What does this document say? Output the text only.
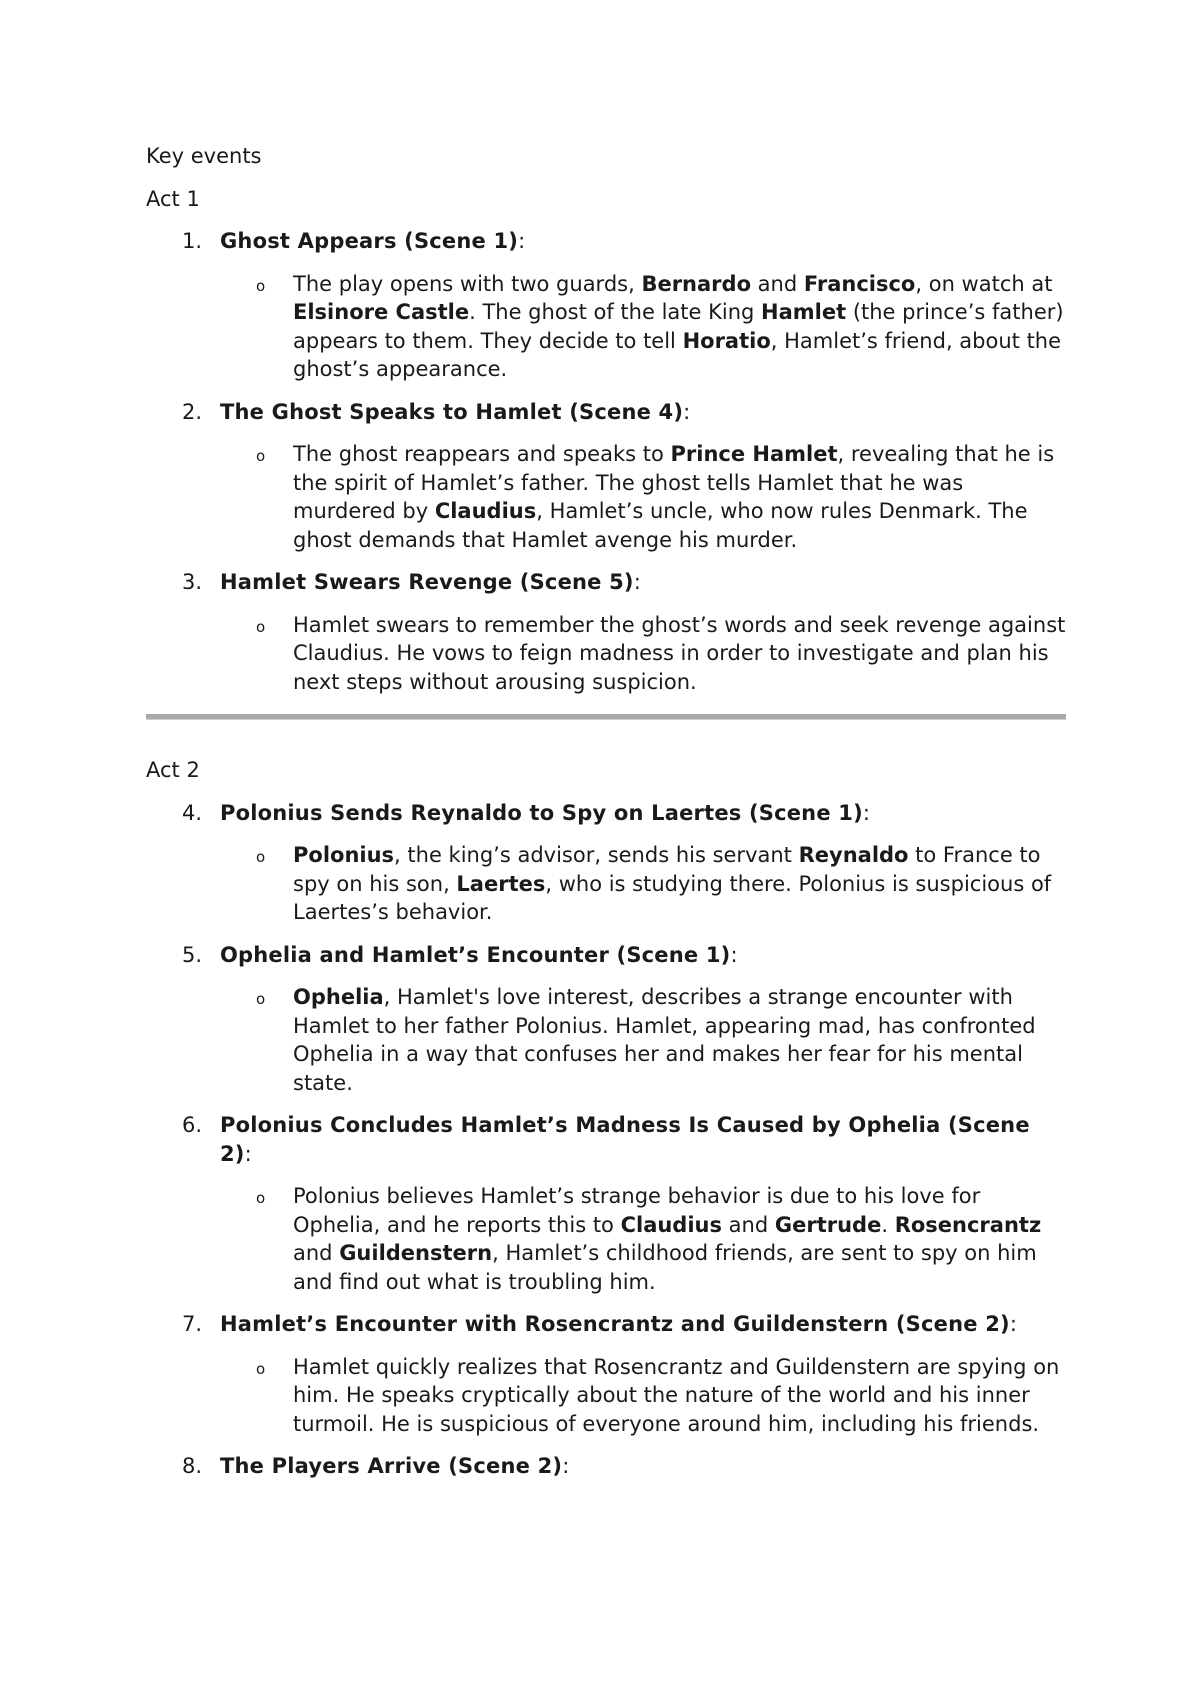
Key events
Act 1
1. Ghost Appears (Scene 1):
o The play opens with two guards, Bernardo and Francisco, on watch at Elsinore Castle. The ghost of the late King Hamlet (the prince’s father) appears to them. They decide to tell Horatio, Hamlet’s friend, about the ghost’s appearance.
2. The Ghost Speaks to Hamlet (Scene 4):
o The ghost reappears and speaks to Prince Hamlet, revealing that he is the spirit of Hamlet’s father. The ghost tells Hamlet that he was murdered by Claudius, Hamlet’s uncle, who now rules Denmark. The ghost demands that Hamlet avenge his murder.
3. Hamlet Swears Revenge (Scene 5):
o Hamlet swears to remember the ghost’s words and seek revenge against Claudius. He vows to feign madness in order to investigate and plan his next steps without arousing suspicion.
Act 2
4. Polonius Sends Reynaldo to Spy on Laertes (Scene 1):
o Polonius, the king’s advisor, sends his servant Reynaldo to France to spy on his son, Laertes, who is studying there. Polonius is suspicious of Laertes’s behavior.
5. Ophelia and Hamlet’s Encounter (Scene 1):
o Ophelia, Hamlet's love interest, describes a strange encounter with Hamlet to her father Polonius. Hamlet, appearing mad, has confronted Ophelia in a way that confuses her and makes her fear for his mental state.
6. Polonius Concludes Hamlet’s Madness Is Caused by Ophelia (Scene 2):
o Polonius believes Hamlet’s strange behavior is due to his love for Ophelia, and he reports this to Claudius and Gertrude. Rosencrantz and Guildenstern, Hamlet’s childhood friends, are sent to spy on him and find out what is troubling him.
7. Hamlet’s Encounter with Rosencrantz and Guildenstern (Scene 2):
o Hamlet quickly realizes that Rosencrantz and Guildenstern are spying on him. He speaks cryptically about the nature of the world and his inner turmoil. He is suspicious of everyone around him, including his friends.
8. The Players Arrive (Scene 2):
